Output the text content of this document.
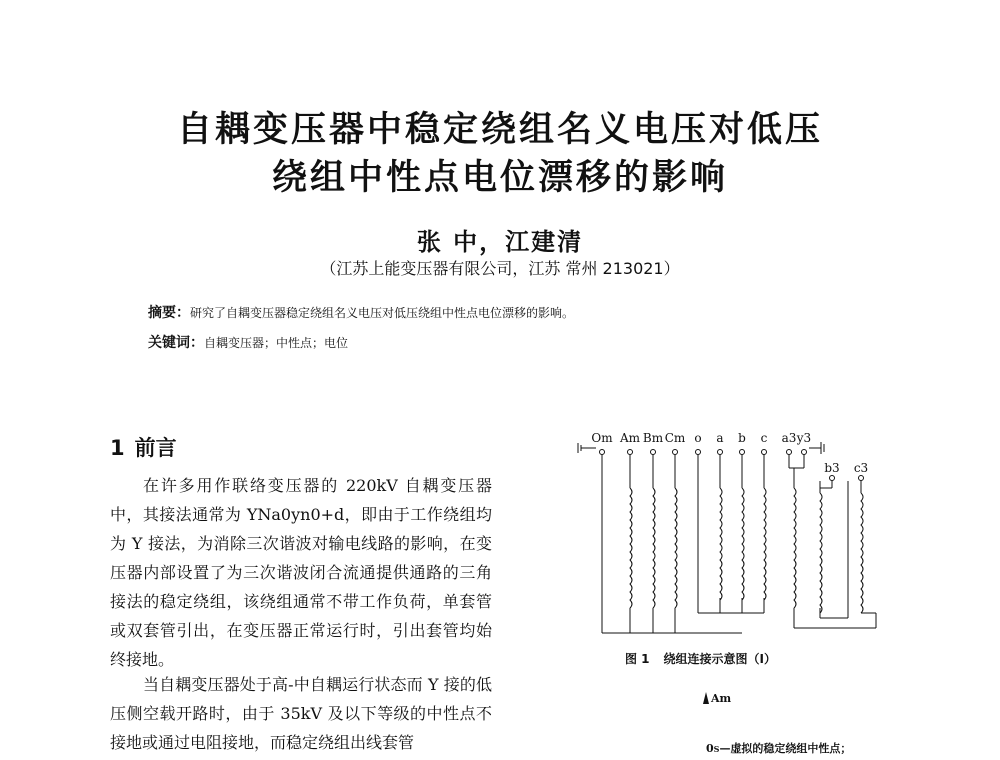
自耦变压器中稳定绕组名义电压对低压
绕组中性点电位漂移的影响
张 中，江建清
（江苏上能变压器有限公司，江苏 常州 213021）
摘要：研究了自耦变压器稳定绕组名义电压对低压绕组中性点电位漂移的影响。
关键词：自耦变压器；中性点；电位
1 前言
在许多用作联络变压器的 220kV 自耦变压器中，其接法通常为 YNa0yn0+d，即由于工作绕组均为 Y 接法，为消除三次谐波对输电线路的影响，在变压器内部设置了为三次谐波闭合流通提供通路的三角接法的稳定绕组，该绕组通常不带工作负荷，单套管或双套管引出，在变压器正常运行时，引出套管均始终接地。
当自耦变压器处于高-中自耦运行状态而 Y 接的低压侧空载开路时，由于 35kV 及以下等级的中性点不接地或通过电阻接地，而稳定绕组出线套管
Om Am Bm Cm o a b c a3 y3
b3 c3
图 1 绕组连接示意图（Ⅰ）
Am
0S—虚拟的稳定绕组中性点；
